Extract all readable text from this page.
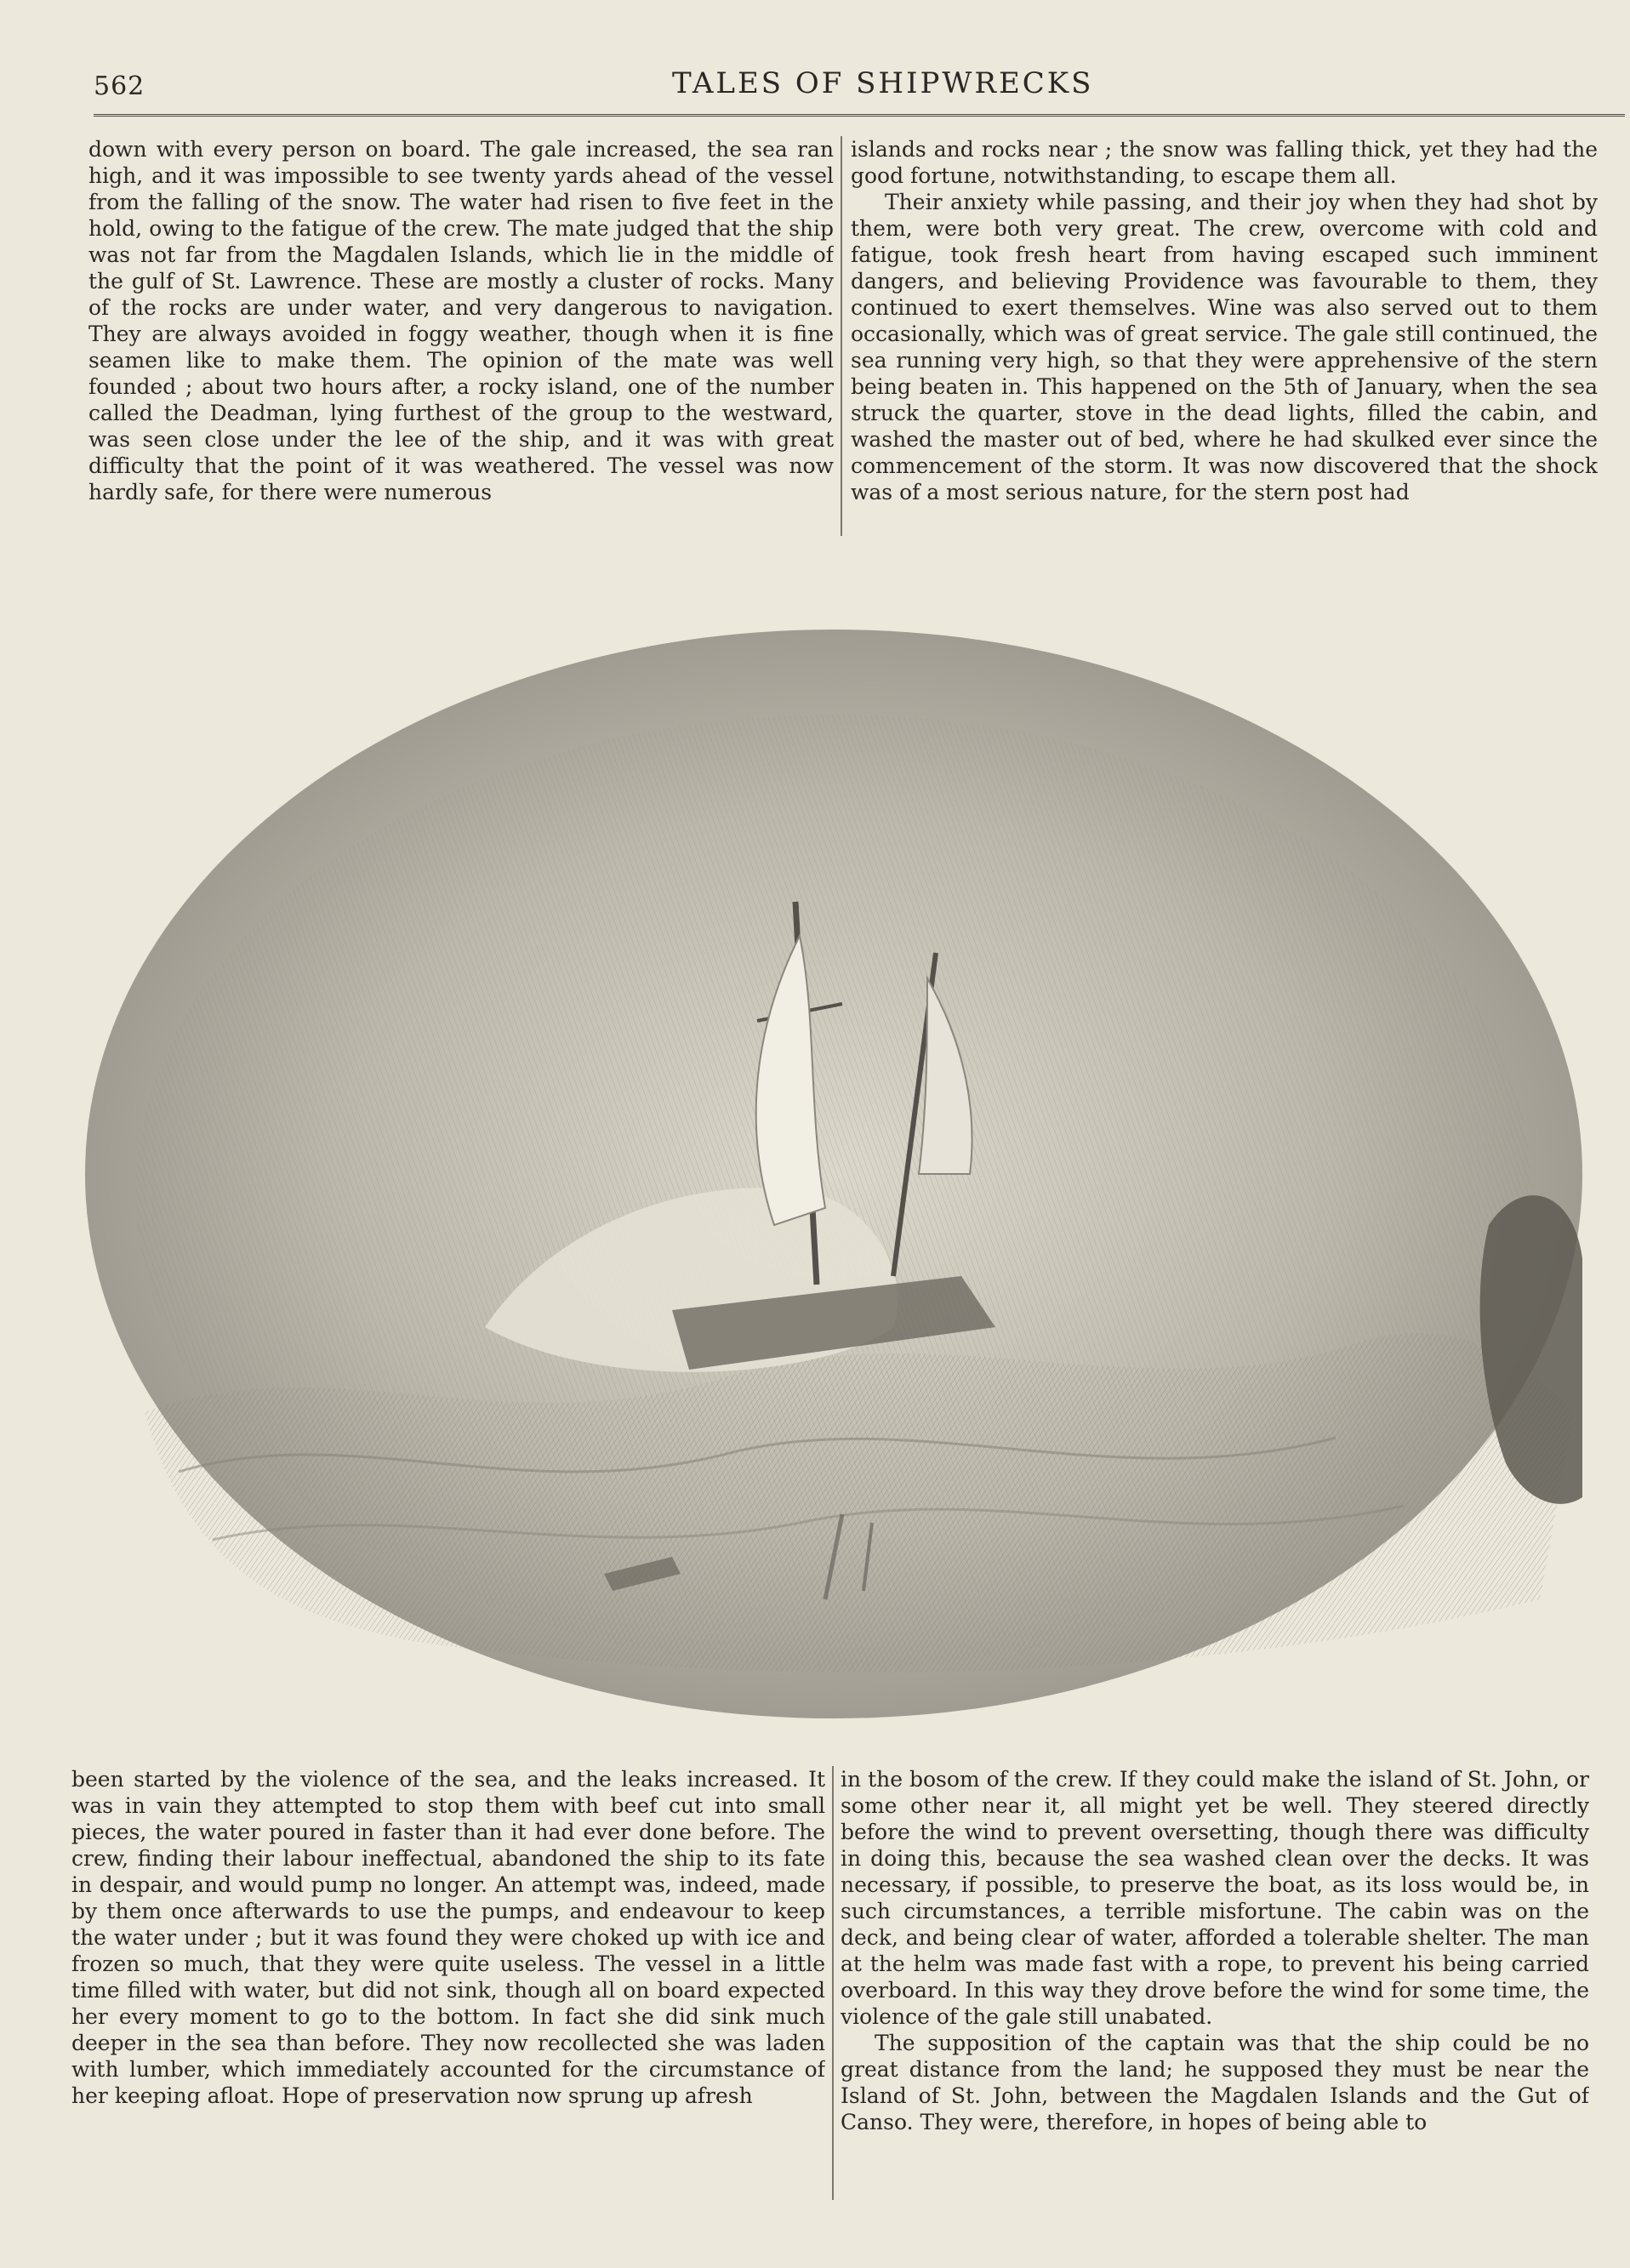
562	TALES OF SHIPWRECKS

down with every person on board. The gale increased, the sea ran high, and it was impossible to see twenty yards ahead of the vessel from the falling of the snow. The water had risen to five feet in the hold, owing to the fatigue of the crew. The mate judged that the ship was not far from the Magdalen Islands, which lie in the middle of the gulf of St. Lawrence. These are mostly a cluster of rocks. Many of the rocks are under water, and very dangerous to navigation. They are always avoided in foggy weather, though when it is fine seamen like to make them. The opinion of the mate was well founded ; about two hours after, a rocky island, one of the number called the Deadman, lying furthest of the group to the westward, was seen close under the lee of the ship, and it was with great difficulty that the point of it was weathered. The vessel was now hardly safe, for there were numerous

islands and rocks near ; the snow was falling thick, yet they had the good fortune, notwithstanding, to escape them all.

Their anxiety while passing, and their joy when they had shot by them, were both very great. The crew, overcome with cold and fatigue, took fresh heart from having escaped such imminent dangers, and believing Providence was favourable to them, they continued to exert themselves. Wine was also served out to them occasionally, which was of great service. The gale still continued, the sea running very high, so that they were apprehensive of the stern being beaten in. This happened on the 5th of January, when the sea struck the quarter, stove in the dead lights, filled the cabin, and washed the master out of bed, where he had skulked ever since the commencement of the storm. It was now discovered that the shock was of a most serious nature, for the stern post had

been started by the violence of the sea, and the leaks increased. It was in vain they attempted to stop them with beef cut into small pieces, the water poured in faster than it had ever done before. The crew, finding their labour ineffectual, abandoned the ship to its fate in despair, and would pump no longer. An attempt was, indeed, made by them once afterwards to use the pumps, and endeavour to keep the water under ; but it was found they were choked up with ice and frozen so much, that they were quite useless. The vessel in a little time filled with water, but did not sink, though all on board expected her every moment to go to the bottom. In fact she did sink much deeper in the sea than before. They now recollected she was laden with lumber, which immediately accounted for the circumstance of her keeping afloat. Hope of preservation now sprung up afresh

in the bosom of the crew. If they could make the island of St. John, or some other near it, all might yet be well. They steered directly before the wind to prevent oversetting, though there was difficulty in doing this, because the sea washed clean over the decks. It was necessary, if possible, to preserve the boat, as its loss would be, in such circumstances, a terrible misfortune. The cabin was on the deck, and being clear of water, afforded a tolerable shelter. The man at the helm was made fast with a rope, to prevent his being carried overboard. In this way they drove before the wind for some time, the violence of the gale still unabated.

The supposition of the captain was that the ship could be no great distance from the land; he supposed they must be near the Island of St. John, between the Magdalen Islands and the Gut of Canso. They were, therefore, in hopes of being able to
